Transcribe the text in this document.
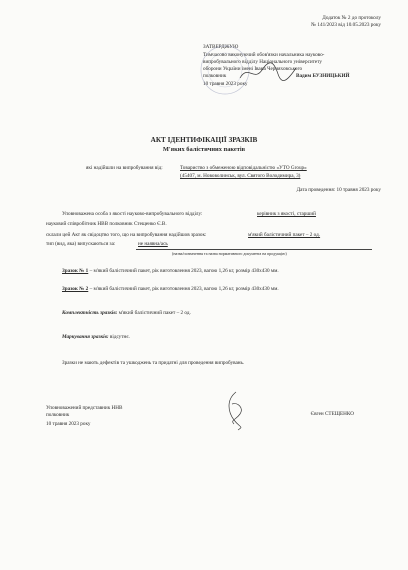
Додаток № 2 до протоколу
№ 141/2023 від 10.05.2023 року
ЗАТВЕРДЖУЮ
Тимчасово виконуючий обов'язки начальника науково-
випробувального відділу Національного університету
оборони України імені Івана Черняховського
полковник	Вадим БУЗНИЦЬКИЙ
10 травня 2023 року
АКТ ІДЕНТИФІКАЦІЇ ЗРАЗКІВ
М'яких балістичних пакетів
які надійшли на випробування від:	Товариство з обмеженою відповідальністю «УТО Group»
(45407, м. Нововолинськ, вул. Святого Володимира, 3)
Дата проведення: 10 травня 2023 року
Уповноважена особа з якості науково-випробувального відділу:	керівник з якості, старший
науковий співробітник НВВ полковник Стещенко Є.В.
склали цей Акт як свідоцтво того, що на випробування надійшов зразок:	м'який балістичний пакет – 2 од.
тип (вид, яка) випускаються за:	не наявна/ась
(назва/позначення та назва нормативного документа на продукцію)
Зразок № 1 – м'який балістичний пакет, рік виготовлення 2023, вагою 1,26 кг, розмір 430х430 мм.
Зразок № 2 – м'який балістичний пакет, рік виготовлення 2023, вагою 1,26 кг, розмір 430х430 мм.
Комплектність зразків: м'який балістичний пакет – 2 од.
Маркування зразків: відсутнє.
Зразки не мають дефектів та ушкоджень та придатні для проведення випробувань.
Уповноважений представник ННВ
полковник	Євген СТЕЩЕНКО
10 травня 2023 року
